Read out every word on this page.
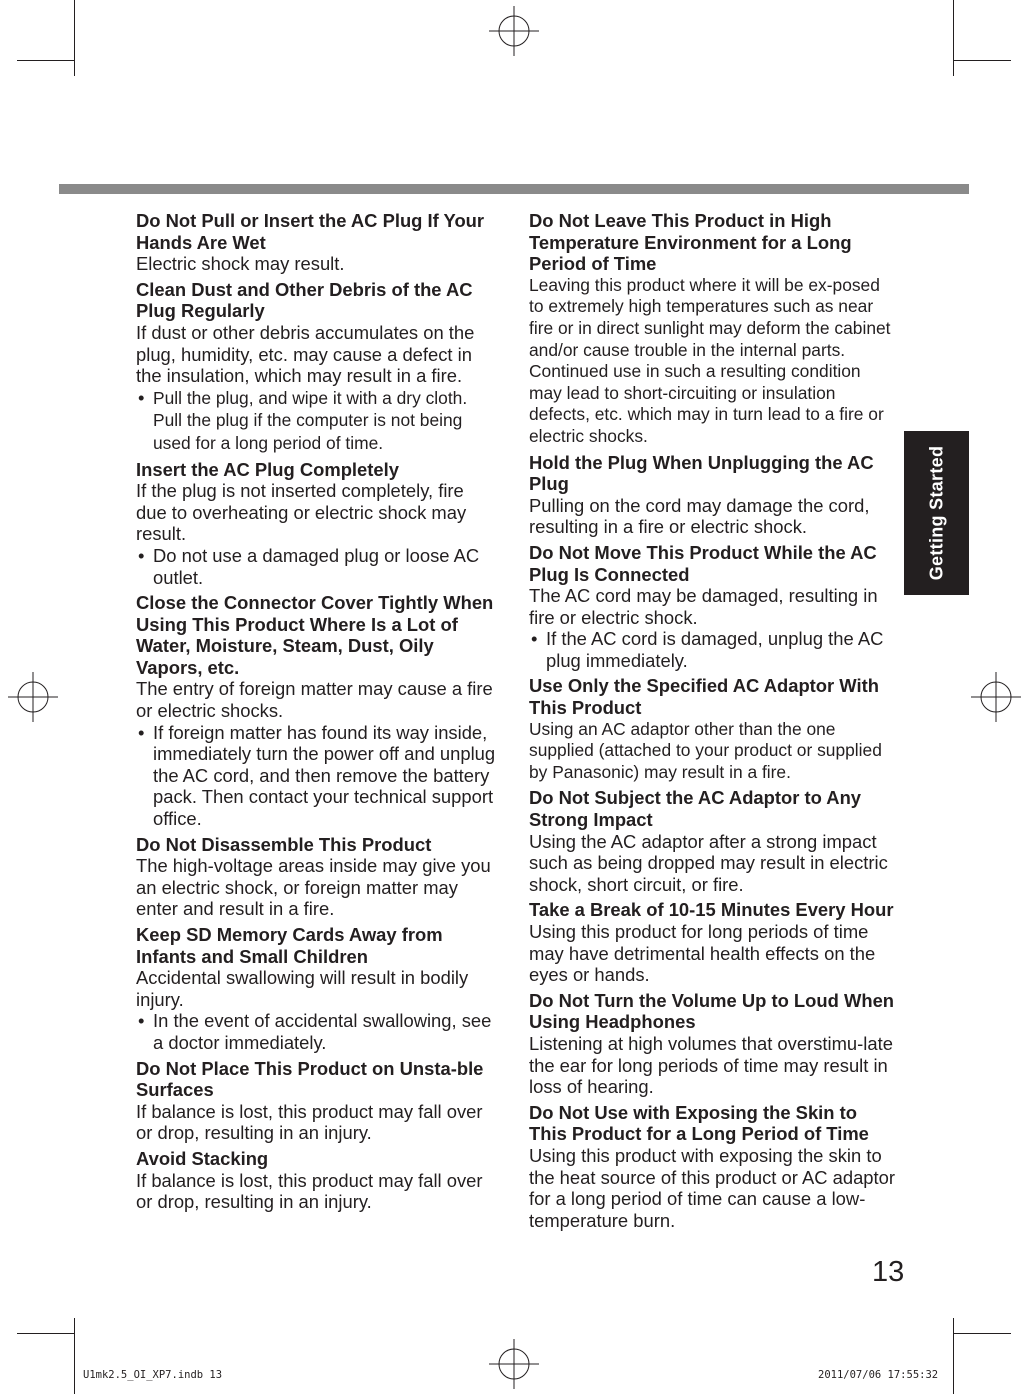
Do Not Pull or Insert the AC Plug If Your Hands Are Wet
Electric shock may result.
Clean Dust and Other Debris of the AC Plug Regularly
If dust or other debris accumulates on the plug, humidity, etc. may cause a defect in the insulation, which may result in a fire.
• Pull the plug, and wipe it with a dry cloth. Pull the plug if the computer is not being used for a long period of time.
Insert the AC Plug Completely
If the plug is not inserted completely, fire due to overheating or electric shock may result.
• Do not use a damaged plug or loose AC outlet.
Close the Connector Cover Tightly When Using This Product Where Is a Lot of Water, Moisture, Steam, Dust, Oily Vapors, etc.
The entry of foreign matter may cause a fire or electric shocks.
• If foreign matter has found its way inside, immediately turn the power off and unplug the AC cord, and then remove the battery pack. Then contact your technical support office.
Do Not Disassemble This Product
The high-voltage areas inside may give you an electric shock, or foreign matter may enter and result in a fire.
Keep SD Memory Cards Away from Infants and Small Children
Accidental swallowing will result in bodily injury.
• In the event of accidental swallowing, see a doctor immediately.
Do Not Place This Product on Unsta-ble Surfaces
If balance is lost, this product may fall over or drop, resulting in an injury.
Avoid Stacking
If balance is lost, this product may fall over or drop, resulting in an injury.
Do Not Leave This Product in High Temperature Environment for a Long Period of Time
Leaving this product where it will be ex-posed to extremely high temperatures such as near fire or in direct sunlight may deform the cabinet and/or cause trouble in the internal parts. Continued use in such a resulting condition may lead to short-circuiting or insulation defects, etc. which may in turn lead to a fire or electric shocks.
Hold the Plug When Unplugging the AC Plug
Pulling on the cord may damage the cord, resulting in a fire or electric shock.
Do Not Move This Product While the AC Plug Is Connected
The AC cord may be damaged, resulting in fire or electric shock.
• If the AC cord is damaged, unplug the AC plug immediately.
Use Only the Specified AC Adaptor With This Product
Using an AC adaptor other than the one supplied (attached to your product or supplied by Panasonic) may result in a fire.
Do Not Subject the AC Adaptor to Any Strong Impact
Using the AC adaptor after a strong impact such as being dropped may result in electric shock, short circuit, or fire.
Take a Break of 10-15 Minutes Every Hour
Using this product for long periods of time may have detrimental health effects on the eyes or hands.
Do Not Turn the Volume Up to Loud When Using Headphones
Listening at high volumes that overstimu-late the ear for long periods of time may result in loss of hearing.
Do Not Use with Exposing the Skin to This Product for a Long Period of Time
Using this product with exposing the skin to the heat source of this product or AC adaptor for a long period of time can cause a low-temperature burn.
Getting Started
13
U1mk2.5_OI_XP7.indb 13	2011/07/06 17:55:32
